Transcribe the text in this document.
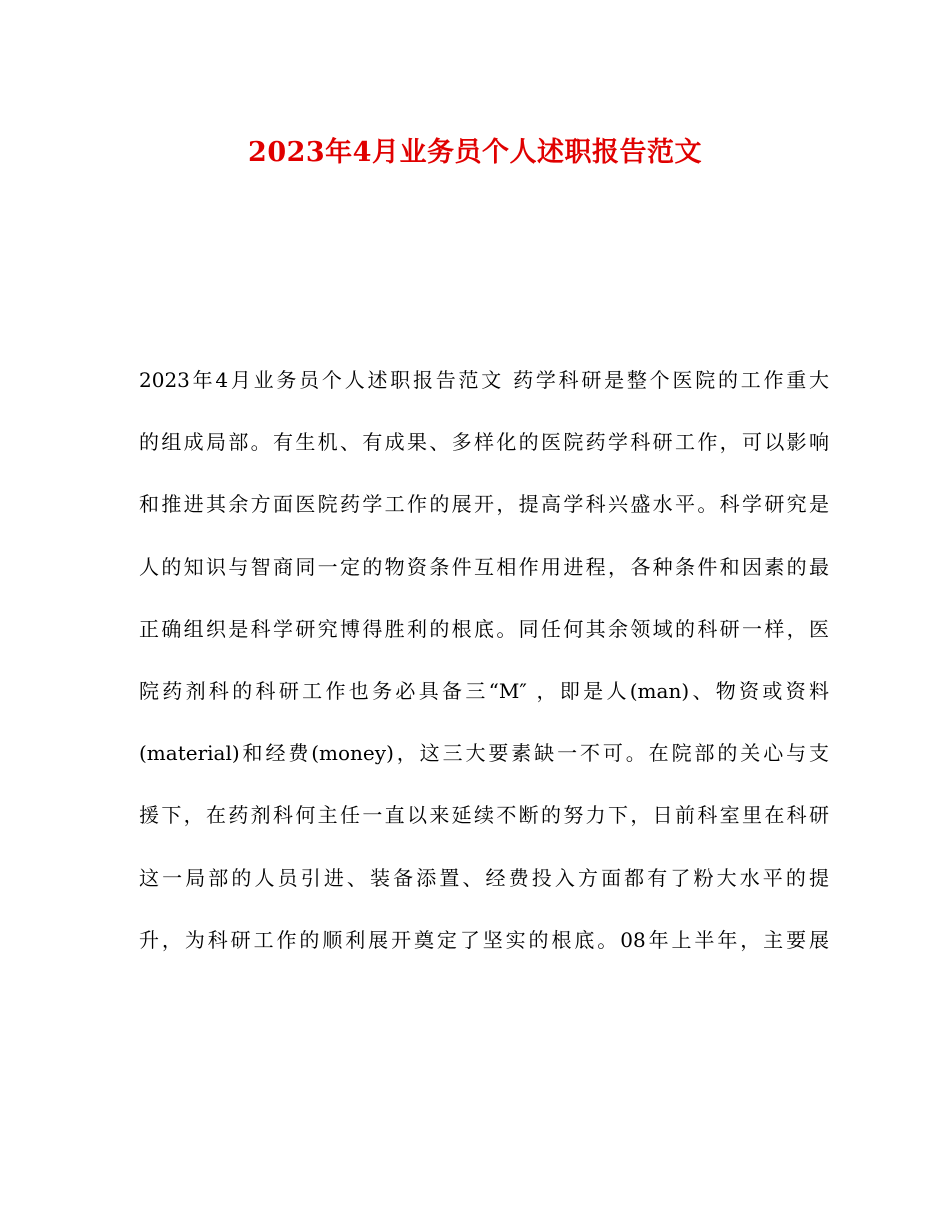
2023年4月业务员个人述职报告范文
2023年4月业务员个人述职报告范文 药学科研是整个医院的工作重大
的组成局部。有生机、有成果、多样化的医院药学科研工作，可以影响
和推进其余方面医院药学工作的展开，提高学科兴盛水平。科学研究是
人的知识与智商同一定的物资条件互相作用进程，各种条件和因素的最
正确组织是科学研究博得胜利的根底。同任何其余领域的科研一样，医
院药剂科的科研工作也务必具备三“M″ ，即是人(man)、物资或资料
(material)和经费(money)，这三大要素缺一不可。在院部的关心与支
援下，在药剂科何主任一直以来延续不断的努力下，日前科室里在科研
这一局部的人员引进、装备添置、经费投入方面都有了粉大水平的提
升，为科研工作的顺利展开奠定了坚实的根底。08年上半年，主要展
